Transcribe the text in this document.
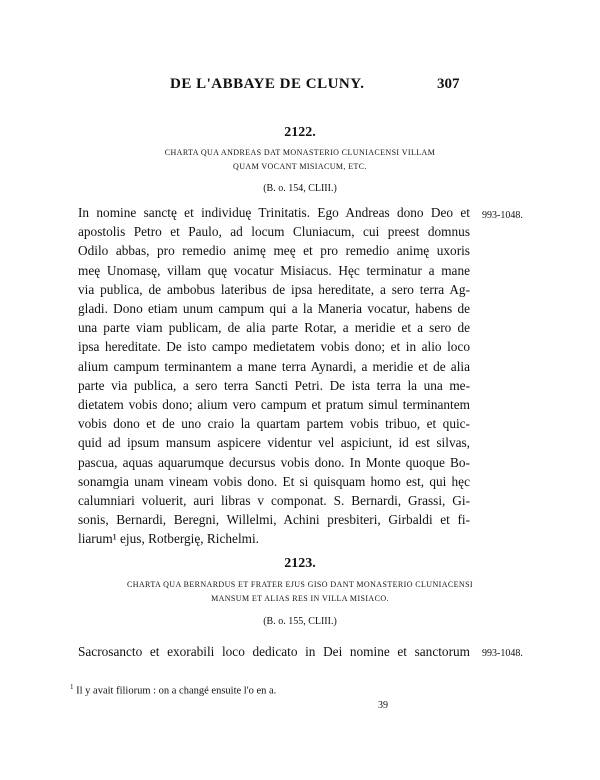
DE L'ABBAYE DE CLUNY.	307
2122.
CHARTA QUA ANDREAS DAT MONASTERIO CLUNIACENSI VILLAM
QUAM VOCANT MISIACUM, ETC.
(B. o. 154, CLIII.)
993-1048.
In nomine sanctę et individuę Trinitatis. Ego Andreas dono Deo et
apostolis Petro et Paulo, ad locum Cluniacum, cui preest domnus
Odilo abbas, pro remedio animę meę et pro remedio animę uxoris
meę Unomasę, villam quę vocatur Misiacus. Hęc terminatur a mane
via publica, de ambobus lateribus de ipsa hereditate, a sero terra Ag-
gladi. Dono etiam unum campum qui a la Maneria vocatur, habens de
una parte viam publicam, de alia parte Rotar, a meridie et a sero de
ipsa hereditate. De isto campo medietatem vobis dono; et in alio loco
alium campum terminantem a mane terra Aynardi, a meridie et de alia
parte via publica, a sero terra Sancti Petri. De ista terra la una me-
dietatem vobis dono; alium vero campum et pratum simul terminantem
vobis dono et de uno craio la quartam partem vobis tribuo, et quic-
quid ad ipsum mansum aspicere videntur vel aspiciunt, id est silvas,
pascua, aquas aquarumque decursus vobis dono. In Monte quoque Bo-
sonamgia unam vineam vobis dono. Et si quisquam homo est, qui hęc
calumniari voluerit, auri libras v componat. S. Bernardi, Grassi, Gi-
sonis, Bernardi, Beregni, Willelmi, Achini presbiteri, Girbaldi et fi-
liarum¹ ejus, Rotbergię, Richelmi.
2123.
CHARTA QUA BERNARDUS ET FRATER EJUS GISO DANT MONASTERIO CLUNIACENSI
MANSUM ET ALIAS RES IN VILLA MISIACO.
(B. o. 155, CLIII.)
993-1048.
Sacrosancto et exorabili loco dedicato in Dei nomine et sanctorum
$^1$ Il y avait filiorum : on a changé ensuite l'o en a.
39
